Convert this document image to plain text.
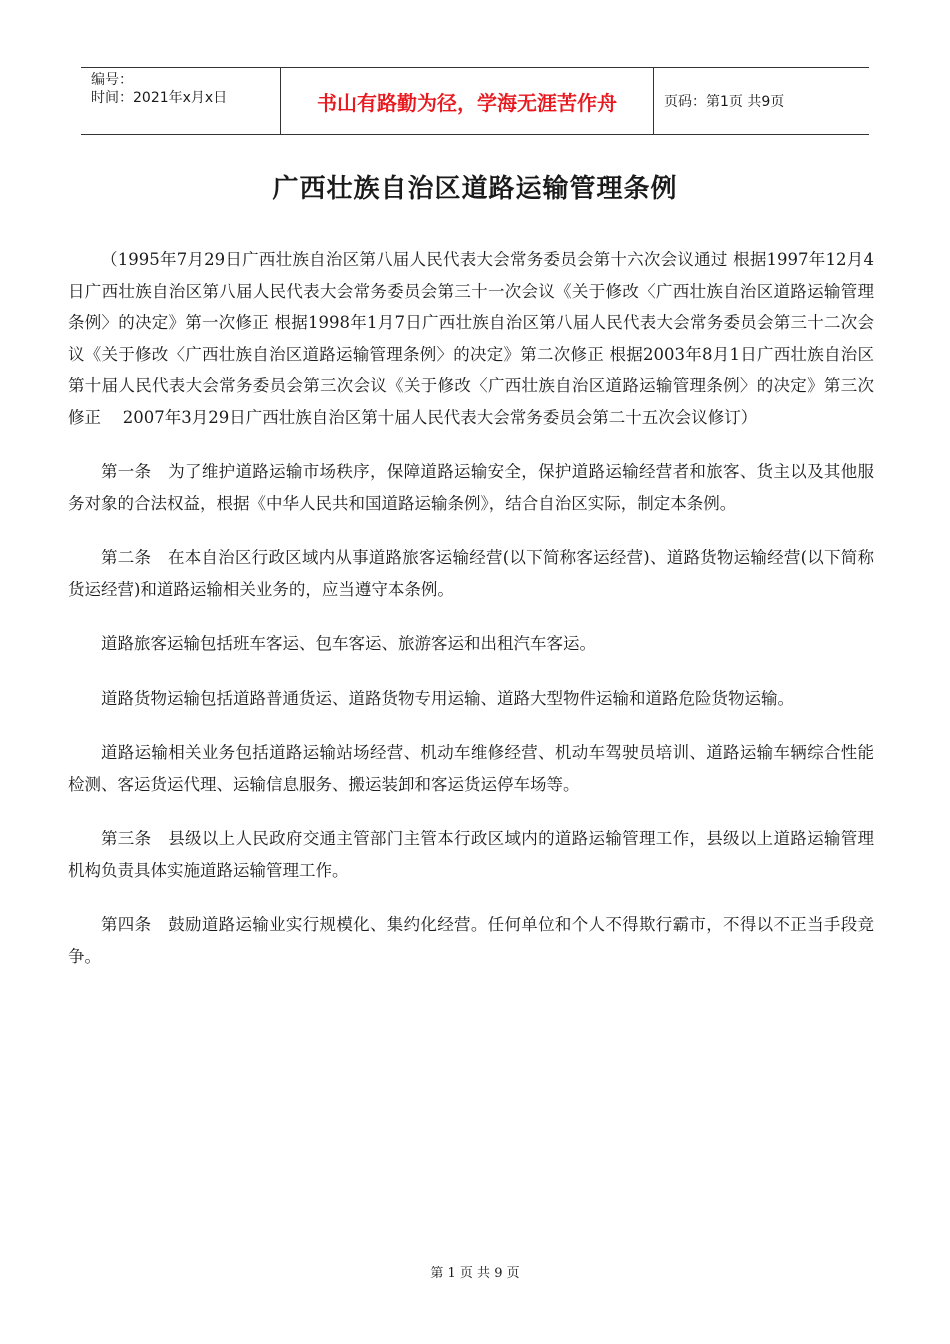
编号：
时间：2021年x月x日	书山有路勤为径，学海无涯苦作舟	页码：第1页 共9页
广西壮族自治区道路运输管理条例

（1995年7月29日广西壮族自治区第八届人民代表大会常务委员会第十六次会议通过 根据1997年12月4日广西壮族自治区第八届人民代表大会常务委员会第三十一次会议《关于修改〈广西壮族自治区道路运输管理条例〉的决定》第一次修正 根据1998年1月7日广西壮族自治区第八届人民代表大会常务委员会第三十二次会议《关于修改〈广西壮族自治区道路运输管理条例〉的决定》第二次修正 根据2003年8月1日广西壮族自治区第十届人民代表大会常务委员会第三次会议《关于修改〈广西壮族自治区道路运输管理条例〉的决定》第三次修正　 2007年3月29日广西壮族自治区第十届人民代表大会常务委员会第二十五次会议修订）

第一条　为了维护道路运输市场秩序，保障道路运输安全，保护道路运输经营者和旅客、货主以及其他服务对象的合法权益，根据《中华人民共和国道路运输条例》，结合自治区实际，制定本条例。

第二条　在本自治区行政区域内从事道路旅客运输经营(以下简称客运经营)、道路货物运输经营(以下简称货运经营)和道路运输相关业务的，应当遵守本条例。

道路旅客运输包括班车客运、包车客运、旅游客运和出租汽车客运。

道路货物运输包括道路普通货运、道路货物专用运输、道路大型物件运输和道路危险货物运输。

道路运输相关业务包括道路运输站场经营、机动车维修经营、机动车驾驶员培训、道路运输车辆综合性能检测、客运货运代理、运输信息服务、搬运装卸和客运货运停车场等。

第三条　县级以上人民政府交通主管部门主管本行政区域内的道路运输管理工作，县级以上道路运输管理机构负责具体实施道路运输管理工作。

第四条　鼓励道路运输业实行规模化、集约化经营。任何单位和个人不得欺行霸市，不得以不正当手段竞争。

第 1 页 共 9 页
